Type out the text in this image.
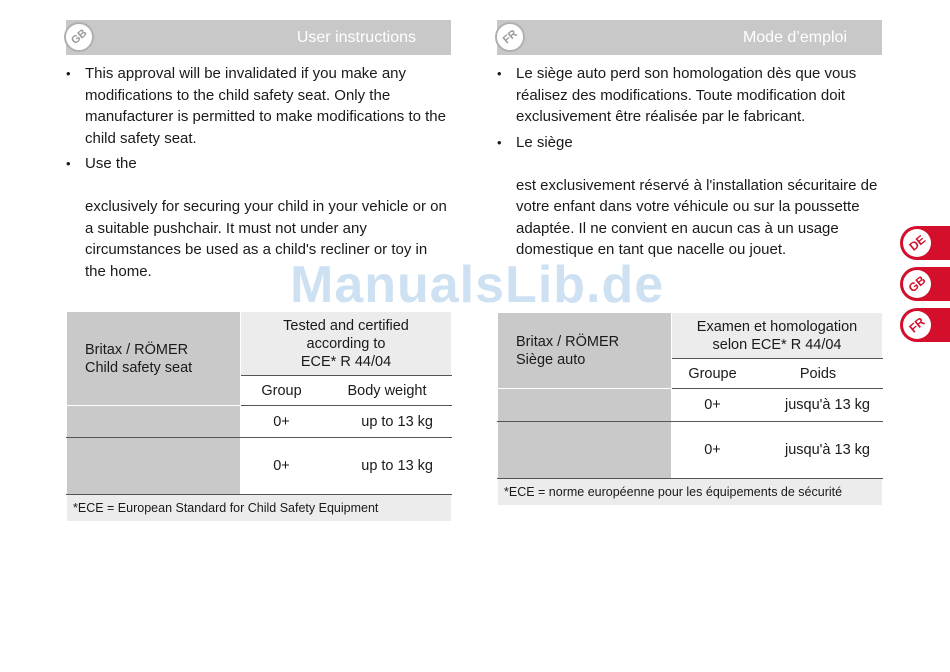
GB	User instructions
• This approval will be invalidated if you make any modifications to the child safety seat. Only the manufacturer is permitted to make modifications to the child safety seat.
• Use the
exclusively for securing your child in your vehicle or on a suitable pushchair. It must not under any circumstances be used as a child's recliner or toy in the home.
Britax / RÖMER
Child safety seat	Tested and certified
according to
ECE* R 44/04	
	Group	Body weight
	0+	up to 13 kg
	0+	up to 13 kg
*ECE = European Standard for Child Safety Equipment		
FR	Mode d’emploi
• Le siège auto perd son homologation dès que vous réalisez des modifications. Toute modification doit exclusivement être réalisée par le fabricant.
• Le siège
est exclusivement réservé à l'installation sécuritaire de votre enfant dans votre véhicule ou sur la poussette adaptée. Il ne convient en aucun cas à un usage domestique en tant que nacelle ou jouet.
Britax / RÖMER
Siège auto	Examen et homologation
selon ECE* R 44/04	
	Groupe	Poids
	0+	jusqu'à 13 kg
	0+	jusqu'à 13 kg
*ECE = norme européenne pour les équipements de sécurité		
DE
GB
FR
ManualsLib.de
